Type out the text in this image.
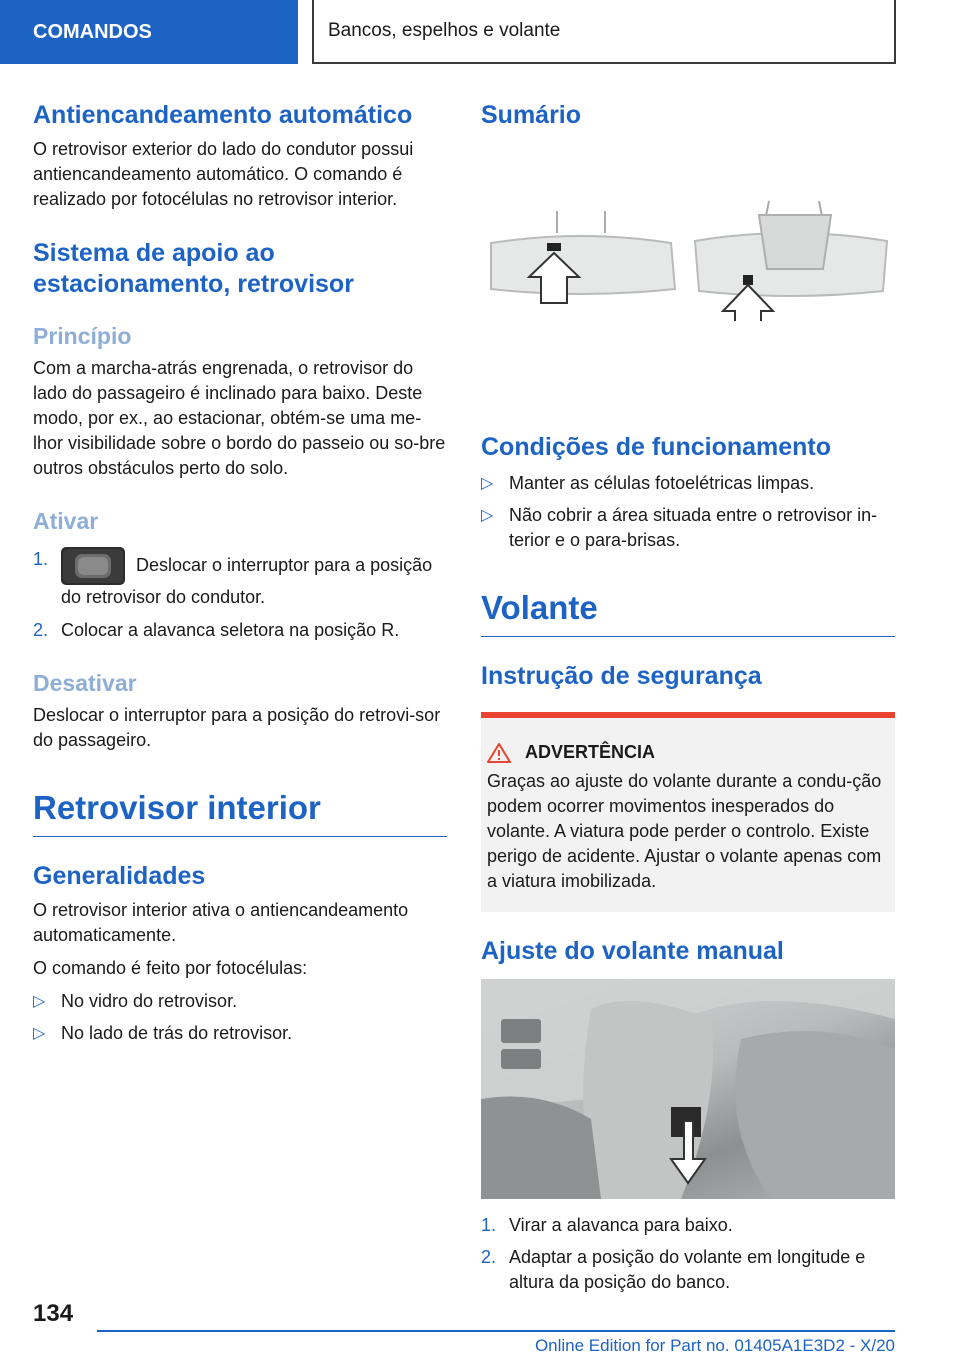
COMANDOS	Bancos, espelhos e volante
Antiencandeamento automático

O retrovisor exterior do lado do condutor possui antiencandeamento automático. O comando é realizado por fotocélulas no retrovisor interior.

Sistema de apoio ao estacionamento, retrovisor
Princípio

Com a marcha-atrás engrenada, o retrovisor do lado do passageiro é inclinado para baixo. Deste modo, por ex., ao estacionar, obtém-se uma me-lhor visibilidade sobre o bordo do passeio ou so-bre outros obstáculos perto do solo.

Ativar
1.	Deslocar o interruptor para a posição do retrovisor do condutor.
2. Colocar a alavanca seletora na posição R.
Desativar

Deslocar o interruptor para a posição do retrovi-sor do passageiro.

Retrovisor interior
Generalidades

O retrovisor interior ativa o antiencandeamento automaticamente.

O comando é feito por fotocélulas:

▷ No vidro do retrovisor.
▷ No lado de trás do retrovisor.
Sumário
Condições de funcionamento
▷ Manter as células fotoelétricas limpas.
▷ Não cobrir a área situada entre o retrovisor in-terior e o para-brisas.
Volante
Instrução de segurança
ADVERTÊNCIA
Graças ao ajuste do volante durante a condu-ção podem ocorrer movimentos inesperados do volante. A viatura pode perder o controlo. Existe perigo de acidente. Ajustar o volante apenas com a viatura imobilizada.
Ajuste do volante manual
1. Virar a alavanca para baixo.
2. Adaptar a posição do volante em longitude e altura da posição do banco.
134
Online Edition for Part no. 01405A1E3D2 - X/20
